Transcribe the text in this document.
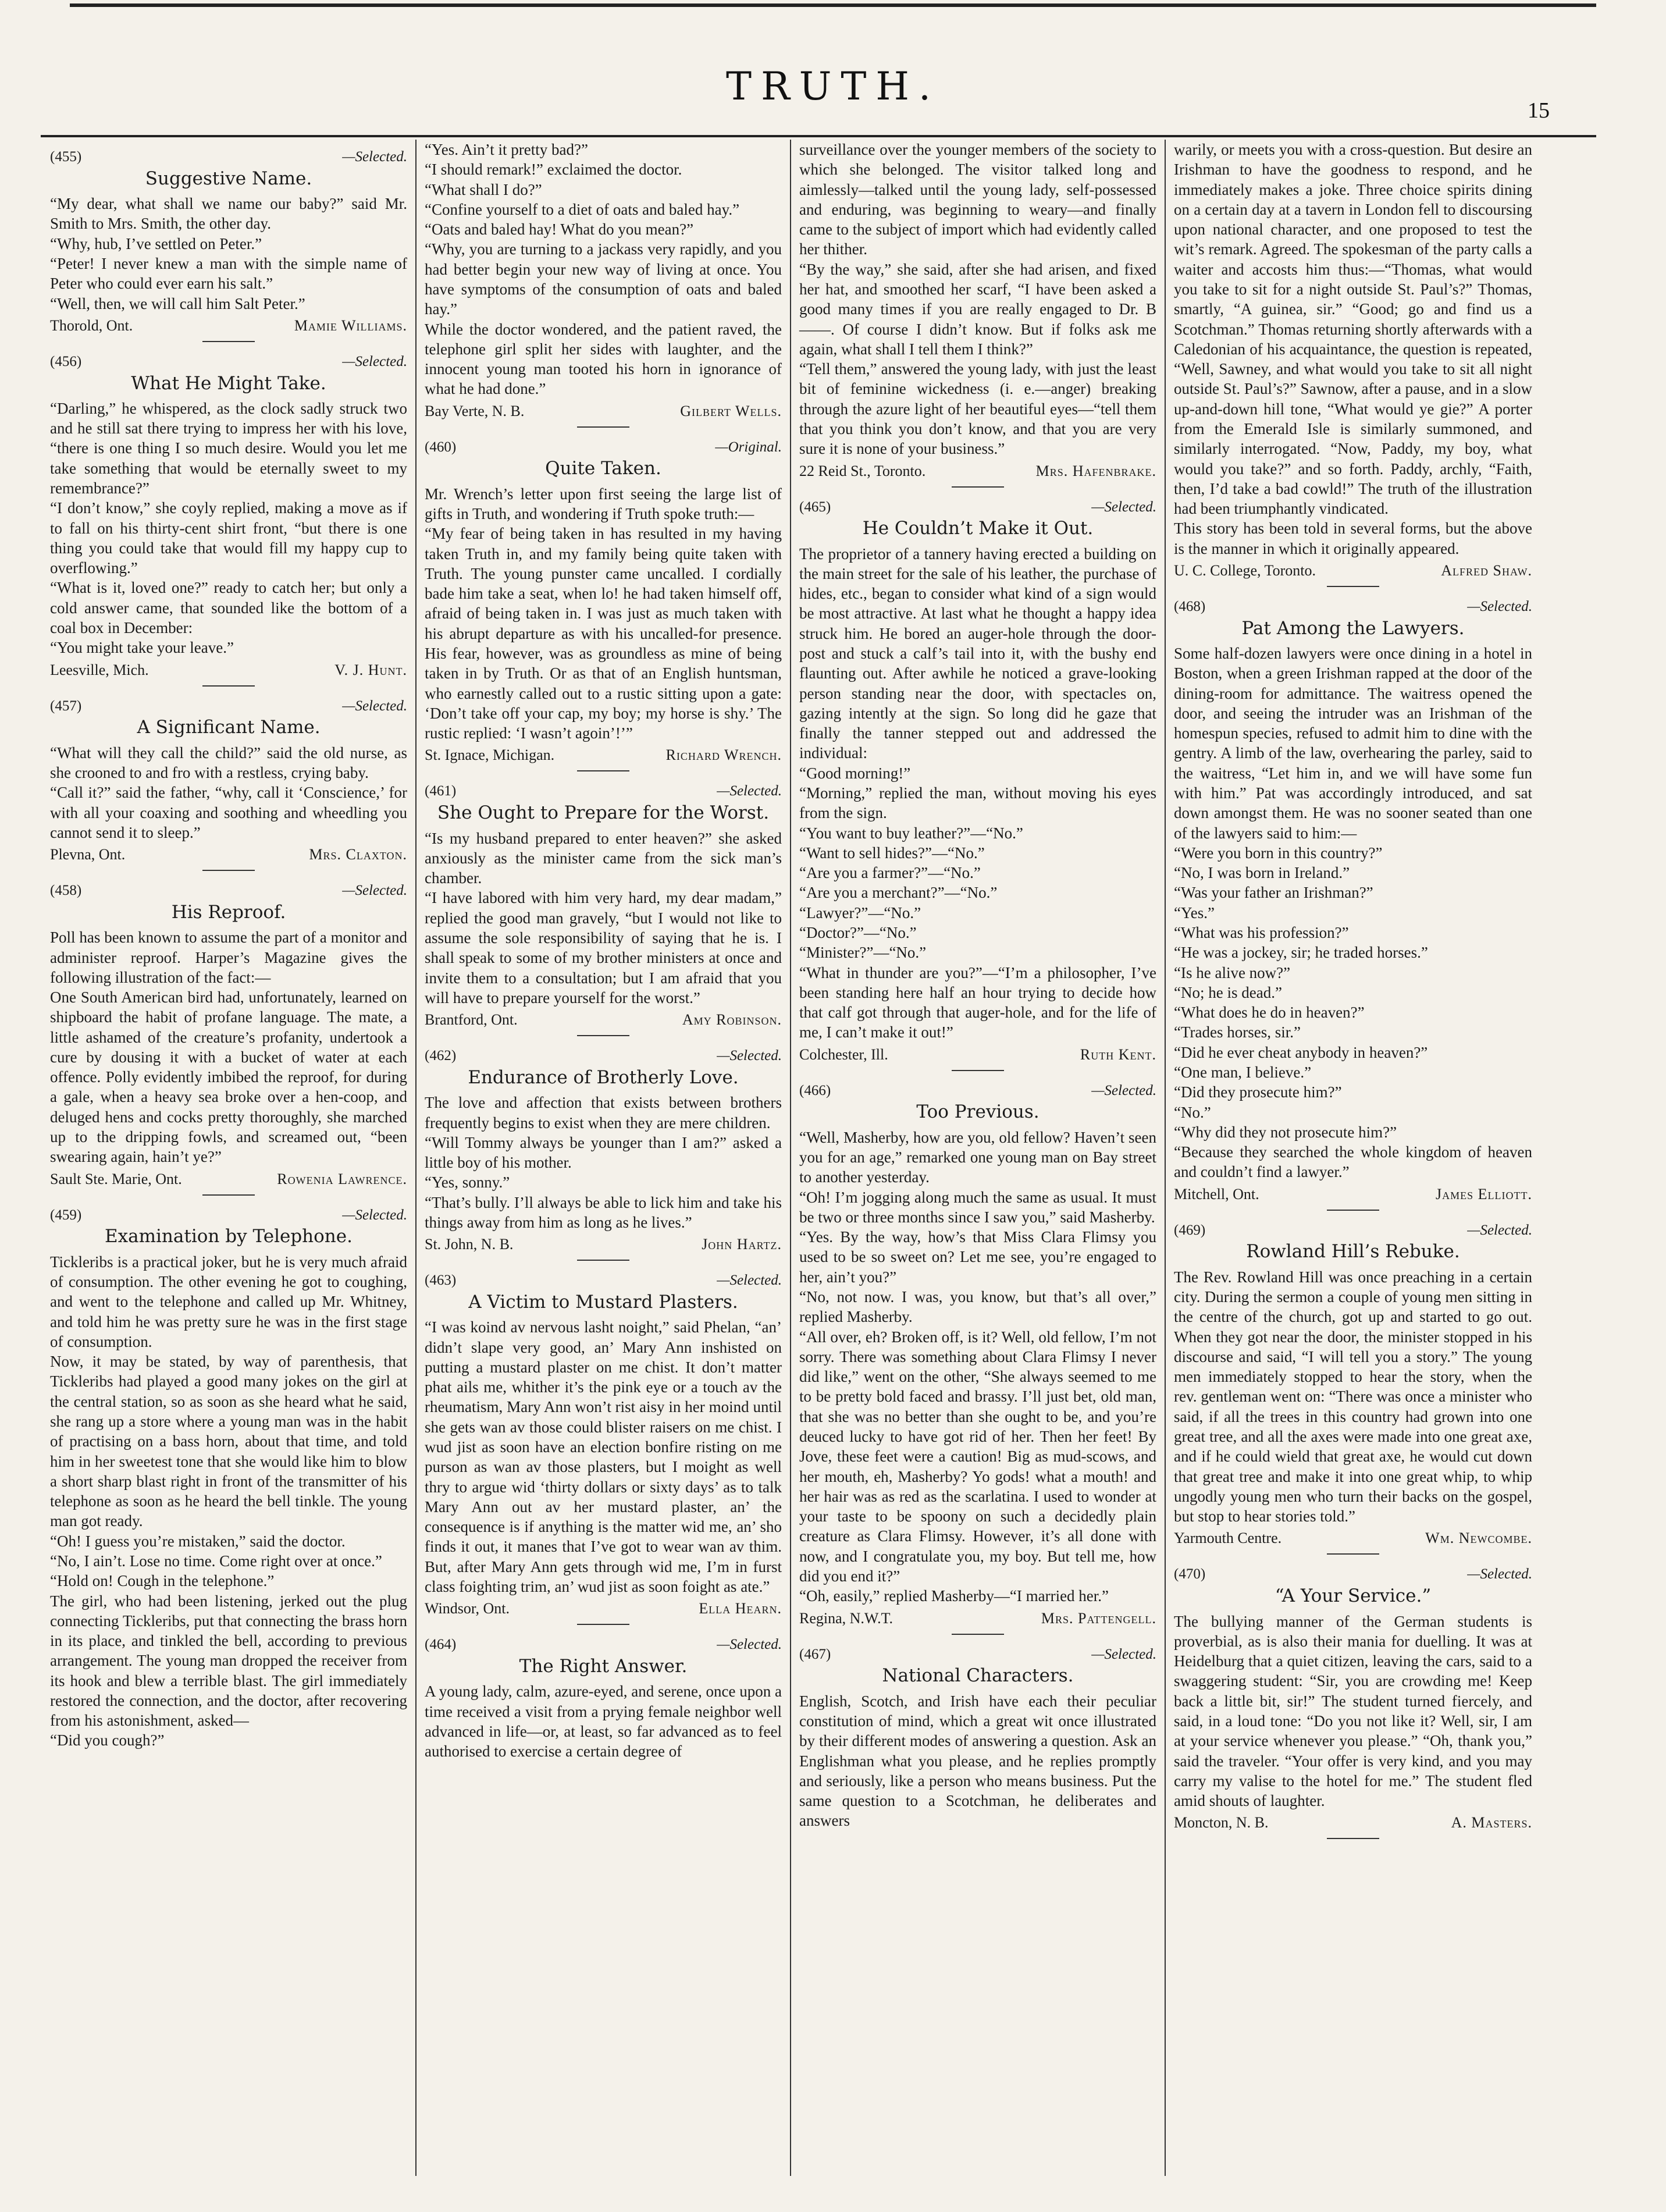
TRUTH.
15
(455)	—Selected.
Suggestive Name.

“My dear, what shall we name our baby?” said Mr. Smith to Mrs. Smith, the other day.

“Why, hub, I’ve settled on Peter.”

“Peter! I never knew a man with the simple name of Peter who could ever earn his salt.”

“Well, then, we will call him Salt Peter.”

Thorold, Ont.	Mamie Williams.
(456)	—Selected.
What He Might Take.

“Darling,” he whispered, as the clock sadly struck two and he still sat there trying to impress her with his love, “there is one thing I so much desire. Would you let me take something that would be eternally sweet to my remembrance?”

“I don’t know,” she coyly replied, making a move as if to fall on his thirty-cent shirt front, “but there is one thing you could take that would fill my happy cup to overflowing.”

“What is it, loved one?” ready to catch her; but only a cold answer came, that sounded like the bottom of a coal box in December:

“You might take your leave.”

Leesville, Mich.	V. J. Hunt.
(457)	—Selected.
A Significant Name.

“What will they call the child?” said the old nurse, as she crooned to and fro with a restless, crying baby.

“Call it?” said the father, “why, call it ‘Conscience,’ for with all your coaxing and soothing and wheedling you cannot send it to sleep.”

Plevna, Ont.	Mrs. Claxton.
(458)	—Selected.
His Reproof.

Poll has been known to assume the part of a monitor and administer reproof. Harper’s Magazine gives the following illustration of the fact:—

One South American bird had, unfortunately, learned on shipboard the habit of profane language. The mate, a little ashamed of the creature’s profanity, undertook a cure by dousing it with a bucket of water at each offence. Polly evidently imbibed the reproof, for during a gale, when a heavy sea broke over a hen-coop, and deluged hens and cocks pretty thoroughly, she marched up to the dripping fowls, and screamed out, “been swearing again, hain’t ye?”

Sault Ste. Marie, Ont.	Rowenia Lawrence.
(459)	—Selected.
Examination by Telephone.

Tickleribs is a practical joker, but he is very much afraid of consumption. The other evening he got to coughing, and went to the telephone and called up Mr. Whitney, and told him he was pretty sure he was in the first stage of consumption.

Now, it may be stated, by way of parenthesis, that Tickleribs had played a good many jokes on the girl at the central station, so as soon as she heard what he said, she rang up a store where a young man was in the habit of practising on a bass horn, about that time, and told him in her sweetest tone that she would like him to blow a short sharp blast right in front of the transmitter of his telephone as soon as he heard the bell tinkle. The young man got ready.

“Oh! I guess you’re mistaken,” said the doctor.

“No, I ain’t. Lose no time. Come right over at once.”

“Hold on! Cough in the telephone.”

The girl, who had been listening, jerked out the plug connecting Tickleribs, put that connecting the brass horn in its place, and tinkled the bell, according to previous arrangement. The young man dropped the receiver from its hook and blew a terrible blast. The girl immediately restored the connection, and the doctor, after recovering from his astonishment, asked—

“Did you cough?”

“Yes. Ain’t it pretty bad?”

“I should remark!” exclaimed the doctor.

“What shall I do?”

“Confine yourself to a diet of oats and baled hay.”

“Oats and baled hay! What do you mean?”

“Why, you are turning to a jackass very rapidly, and you had better begin your new way of living at once. You have symptoms of the consumption of oats and baled hay.”

While the doctor wondered, and the patient raved, the telephone girl split her sides with laughter, and the innocent young man tooted his horn in ignorance of what he had done.”

Bay Verte, N. B.	Gilbert Wells.
(460)	—Original.
Quite Taken.

Mr. Wrench’s letter upon first seeing the large list of gifts in Truth, and wondering if Truth spoke truth:—

“My fear of being taken in has resulted in my having taken Truth in, and my family being quite taken with Truth. The young punster came uncalled. I cordially bade him take a seat, when lo! he had taken himself off, afraid of being taken in. I was just as much taken with his abrupt departure as with his uncalled-for presence. His fear, however, was as groundless as mine of being taken in by Truth. Or as that of an English huntsman, who earnestly called out to a rustic sitting upon a gate: ‘Don’t take off your cap, my boy; my horse is shy.’ The rustic replied: ‘I wasn’t agoin’!’”

St. Ignace, Michigan.	Richard Wrench.
(461)	—Selected.
She Ought to Prepare for the Worst.

“Is my husband prepared to enter heaven?” she asked anxiously as the minister came from the sick man’s chamber.

“I have labored with him very hard, my dear madam,” replied the good man gravely, “but I would not like to assume the sole responsibility of saying that he is. I shall speak to some of my brother ministers at once and invite them to a consultation; but I am afraid that you will have to prepare yourself for the worst.”

Brantford, Ont.	Amy Robinson.
(462)	—Selected.
Endurance of Brotherly Love.

The love and affection that exists between brothers frequently begins to exist when they are mere children.

“Will Tommy always be younger than I am?” asked a little boy of his mother.

“Yes, sonny.”

“That’s bully. I’ll always be able to lick him and take his things away from him as long as he lives.”

St. John, N. B.	John Hartz.
(463)	—Selected.
A Victim to Mustard Plasters.

“I was koind av nervous lasht noight,” said Phelan, “an’ didn’t slape very good, an’ Mary Ann inshisted on putting a mustard plaster on me chist. It don’t matter phat ails me, whither it’s the pink eye or a touch av the rheumatism, Mary Ann won’t rist aisy in her moind until she gets wan av those could blister raisers on me chist. I wud jist as soon have an election bonfire risting on me purson as wan av those plasters, but I moight as well thry to argue wid ‘thirty dollars or sixty days’ as to talk Mary Ann out av her mustard plaster, an’ the consequence is if anything is the matter wid me, an’ sho finds it out, it manes that I’ve got to wear wan av thim. But, after Mary Ann gets through wid me, I’m in furst class foighting trim, an’ wud jist as soon foight as ate.”

Windsor, Ont.	Ella Hearn.
(464)	—Selected.
The Right Answer.

A young lady, calm, azure-eyed, and serene, once upon a time received a visit from a prying female neighbor well advanced in life—or, at least, so far advanced as to feel authorised to exercise a certain degree of

surveillance over the younger members of the society to which she belonged. The visitor talked long and aimlessly—talked until the young lady, self-possessed and enduring, was beginning to weary—and finally came to the subject of import which had evidently called her thither.

“By the way,” she said, after she had arisen, and fixed her hat, and smoothed her scarf, “I have been asked a good many times if you are really engaged to Dr. B——. Of course I didn’t know. But if folks ask me again, what shall I tell them I think?”

“Tell them,” answered the young lady, with just the least bit of feminine wickedness (i. e.—anger) breaking through the azure light of her beautiful eyes—“tell them that you think you don’t know, and that you are very sure it is none of your business.”

22 Reid St., Toronto.	Mrs. Hafenbrake.
(465)	—Selected.
He Couldn’t Make it Out.

The proprietor of a tannery having erected a building on the main street for the sale of his leather, the purchase of hides, etc., began to consider what kind of a sign would be most attractive. At last what he thought a happy idea struck him. He bored an auger-hole through the door-post and stuck a calf’s tail into it, with the bushy end flaunting out. After awhile he noticed a grave-looking person standing near the door, with spectacles on, gazing intently at the sign. So long did he gaze that finally the tanner stepped out and addressed the individual:

“Good morning!”

“Morning,” replied the man, without moving his eyes from the sign.

“You want to buy leather?”—“No.”

“Want to sell hides?”—“No.”

“Are you a farmer?”—“No.”

“Are you a merchant?”—“No.”

“Lawyer?”—“No.”

“Doctor?”—“No.”

“Minister?”—“No.”

“What in thunder are you?”—“I’m a philosopher, I’ve been standing here half an hour trying to decide how that calf got through that auger-hole, and for the life of me, I can’t make it out!”

Colchester, Ill.	Ruth Kent.
(466)	—Selected.
Too Previous.

“Well, Masherby, how are you, old fellow? Haven’t seen you for an age,” remarked one young man on Bay street to another yesterday.

“Oh! I’m jogging along much the same as usual. It must be two or three months since I saw you,” said Masherby.

“Yes. By the way, how’s that Miss Clara Flimsy you used to be so sweet on? Let me see, you’re engaged to her, ain’t you?”

“No, not now. I was, you know, but that’s all over,” replied Masherby.

“All over, eh? Broken off, is it? Well, old fellow, I’m not sorry. There was something about Clara Flimsy I never did like,” went on the other, “She always seemed to me to be pretty bold faced and brassy. I’ll just bet, old man, that she was no better than she ought to be, and you’re deuced lucky to have got rid of her. Then her feet! By Jove, these feet were a caution! Big as mud-scows, and her mouth, eh, Masherby? Yo gods! what a mouth! and her hair was as red as the scarlatina. I used to wonder at your taste to be spoony on such a decidedly plain creature as Clara Flimsy. However, it’s all done with now, and I congratulate you, my boy. But tell me, how did you end it?”

“Oh, easily,” replied Masherby—“I married her.”

Regina, N.W.T.	Mrs. Pattengell.
(467)	—Selected.
National Characters.

English, Scotch, and Irish have each their peculiar constitution of mind, which a great wit once illustrated by their different modes of answering a question. Ask an Englishman what you please, and he replies promptly and seriously, like a person who means business. Put the same question to a Scotchman, he deliberates and answers

warily, or meets you with a cross-question. But desire an Irishman to have the goodness to respond, and he immediately makes a joke. Three choice spirits dining on a certain day at a tavern in London fell to discoursing upon national character, and one proposed to test the wit’s remark. Agreed. The spokesman of the party calls a waiter and accosts him thus:—“Thomas, what would you take to sit for a night outside St. Paul’s?” Thomas, smartly, “A guinea, sir.” “Good; go and find us a Scotchman.” Thomas returning shortly afterwards with a Caledonian of his acquaintance, the question is repeated, “Well, Sawney, and what would you take to sit all night outside St. Paul’s?” Sawnow, after a pause, and in a slow up-and-down hill tone, “What would ye gie?” A porter from the Emerald Isle is similarly summoned, and similarly interrogated. “Now, Paddy, my boy, what would you take?” and so forth. Paddy, archly, “Faith, then, I’d take a bad cowld!” The truth of the illustration had been triumphantly vindicated.

This story has been told in several forms, but the above is the manner in which it originally appeared.

U. C. College, Toronto.	Alfred Shaw.
(468)	—Selected.
Pat Among the Lawyers.

Some half-dozen lawyers were once dining in a hotel in Boston, when a green Irishman rapped at the door of the dining-room for admittance. The waitress opened the door, and seeing the intruder was an Irishman of the homespun species, refused to admit him to dine with the gentry. A limb of the law, overhearing the parley, said to the waitress, “Let him in, and we will have some fun with him.” Pat was accordingly introduced, and sat down amongst them. He was no sooner seated than one of the lawyers said to him:—

“Were you born in this country?”

“No, I was born in Ireland.”

“Was your father an Irishman?”

“Yes.”

“What was his profession?”

“He was a jockey, sir; he traded horses.”

“Is he alive now?”

“No; he is dead.”

“What does he do in heaven?”

“Trades horses, sir.”

“Did he ever cheat anybody in heaven?”

“One man, I believe.”

“Did they prosecute him?”

“No.”

“Why did they not prosecute him?”

“Because they searched the whole kingdom of heaven and couldn’t find a lawyer.”

Mitchell, Ont.	James Elliott.
(469)	—Selected.
Rowland Hill’s Rebuke.

The Rev. Rowland Hill was once preaching in a certain city. During the sermon a couple of young men sitting in the centre of the church, got up and started to go out. When they got near the door, the minister stopped in his discourse and said, “I will tell you a story.” The young men immediately stopped to hear the story, when the rev. gentleman went on: “There was once a minister who said, if all the trees in this country had grown into one great tree, and all the axes were made into one great axe, and if he could wield that great axe, he would cut down that great tree and make it into one great whip, to whip ungodly young men who turn their backs on the gospel, but stop to hear stories told.”

Yarmouth Centre.	Wm. Newcombe.
(470)	—Selected.
“A Your Service.”

The bullying manner of the German students is proverbial, as is also their mania for duelling. It was at Heidelburg that a quiet citizen, leaving the cars, said to a swaggering student: “Sir, you are crowding me! Keep back a little bit, sir!” The student turned fiercely, and said, in a loud tone: “Do you not like it? Well, sir, I am at your service whenever you please.” “Oh, thank you,” said the traveler. “Your offer is very kind, and you may carry my valise to the hotel for me.” The student fled amid shouts of laughter.

Moncton, N. B.	A. Masters.
